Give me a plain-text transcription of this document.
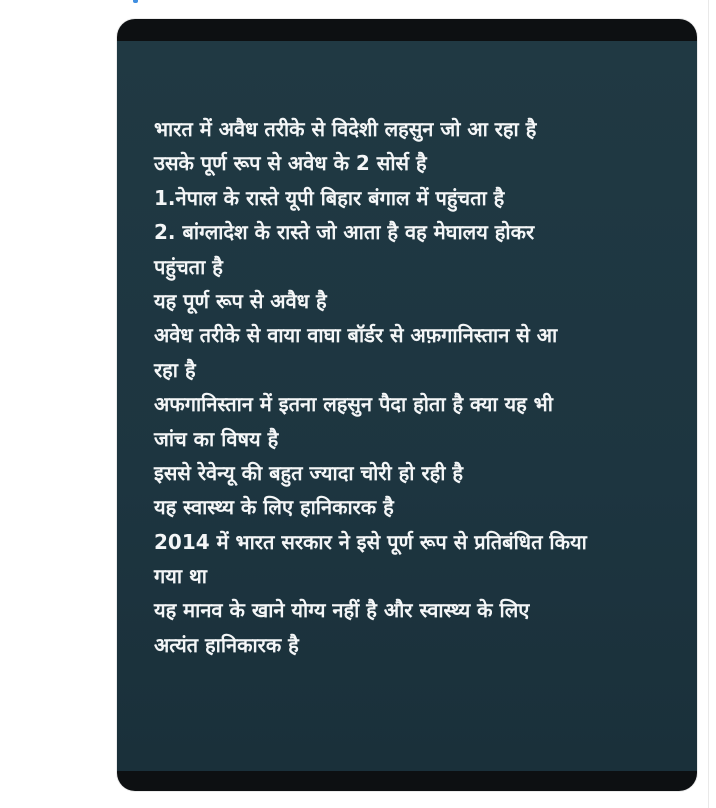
भारत में अवैध तरीके से विदेशी लहसुन जो आ रहा है
उसके पूर्ण रूप से अवेध के 2 सोर्स है
1.नेपाल के रास्ते यूपी बिहार बंगाल में पहुंचता है
2. बांग्लादेश के रास्ते जो आता है वह मेघालय होकर
पहुंचता है
यह पूर्ण रूप से अवैध है
अवेध तरीके से वाया वाघा बॉर्डर से अफ़गानिस्तान से आ
रहा है
अफगानिस्तान में इतना लहसुन पैदा होता है क्या यह भी
जांच का विषय है
इससे रेवेन्यू की बहुत ज्यादा चोरी हो रही है
यह स्वास्थ्य के लिए हानिकारक है
2014 में भारत सरकार ने इसे पूर्ण रूप से प्रतिबंधित किया
गया था
यह मानव के खाने योग्य नहीं है और स्वास्थ्य के लिए
अत्यंत हानिकारक है
